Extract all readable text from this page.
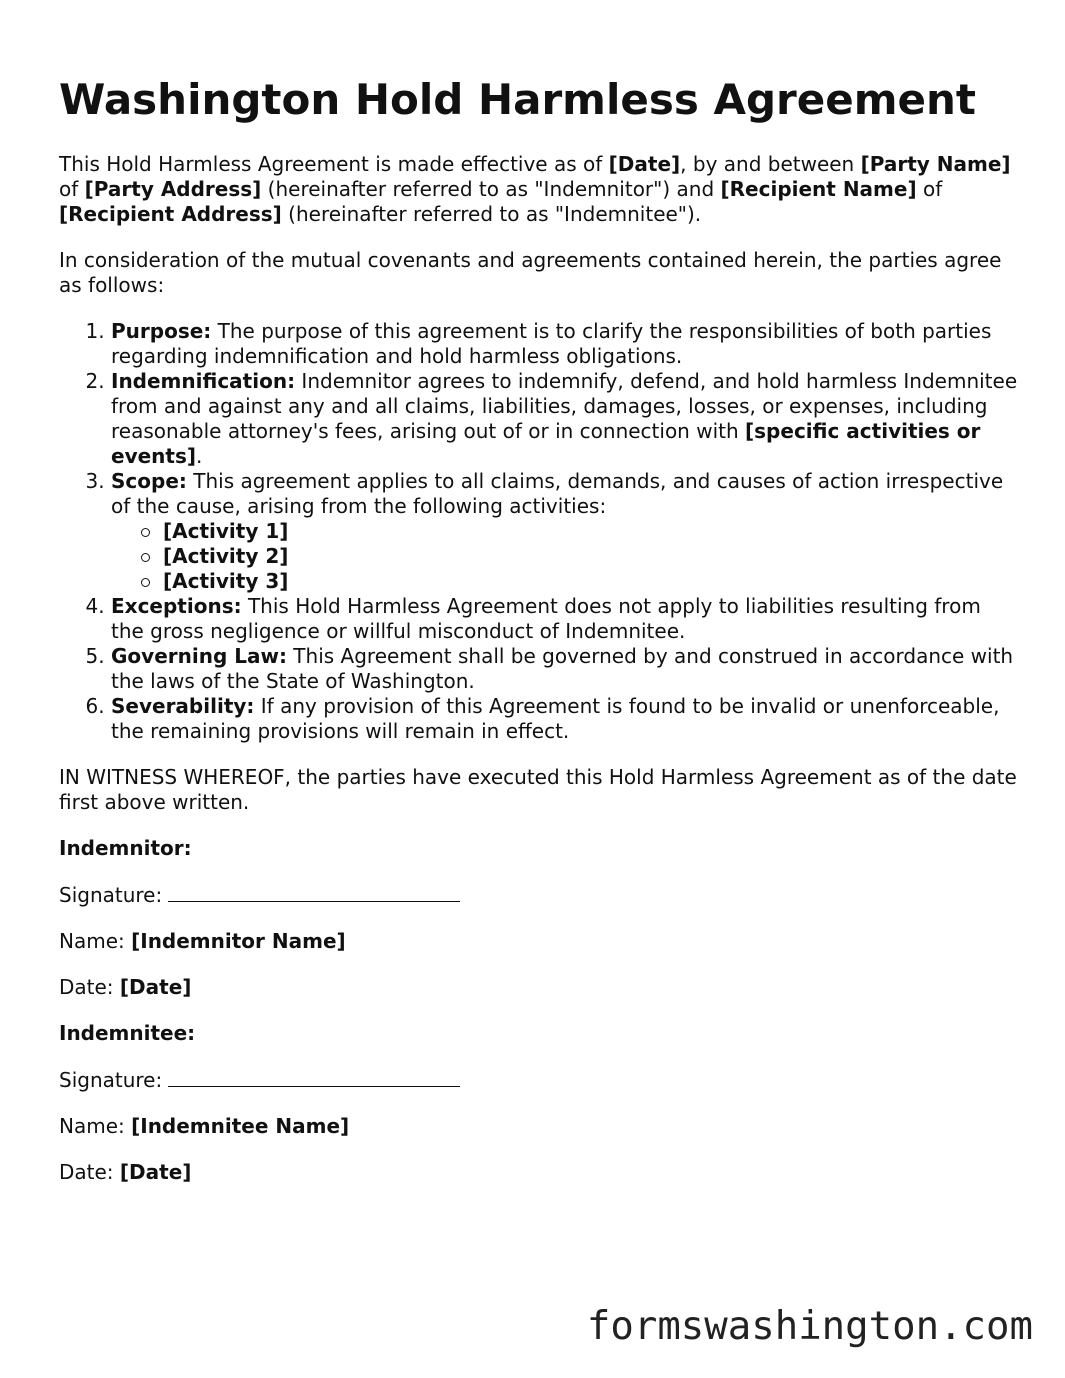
Washington Hold Harmless Agreement

This Hold Harmless Agreement is made effective as of [Date], by and between [Party Name] of [Party Address] (hereinafter referred to as "Indemnitor") and [Recipient Name] of [Recipient Address] (hereinafter referred to as "Indemnitee").

In consideration of the mutual covenants and agreements contained herein, the parties agree as follows:

1. Purpose: The purpose of this agreement is to clarify the responsibilities of both parties regarding indemnification and hold harmless obligations.
2. Indemnification: Indemnitor agrees to indemnify, defend, and hold harmless Indemnitee from and against any and all claims, liabilities, damages, losses, or expenses, including reasonable attorney's fees, arising out of or in connection with [specific activities or events].
3. Scope: This agreement applies to all claims, demands, and causes of action irrespective of the cause, arising from the following activities:
[Activity 1]
[Activity 2]
[Activity 3]
4. Exceptions: This Hold Harmless Agreement does not apply to liabilities resulting from the gross negligence or willful misconduct of Indemnitee.
5. Governing Law: This Agreement shall be governed by and construed in accordance with the laws of the State of Washington.
6. Severability: If any provision of this Agreement is found to be invalid or unenforceable, the remaining provisions will remain in effect.

IN WITNESS WHEREOF, the parties have executed this Hold Harmless Agreement as of the date first above written.

Indemnitor:

Signature:

Name: [Indemnitor Name]

Date: [Date]

Indemnitee:

Signature:

Name: [Indemnitee Name]

Date: [Date]

formswashington.com
